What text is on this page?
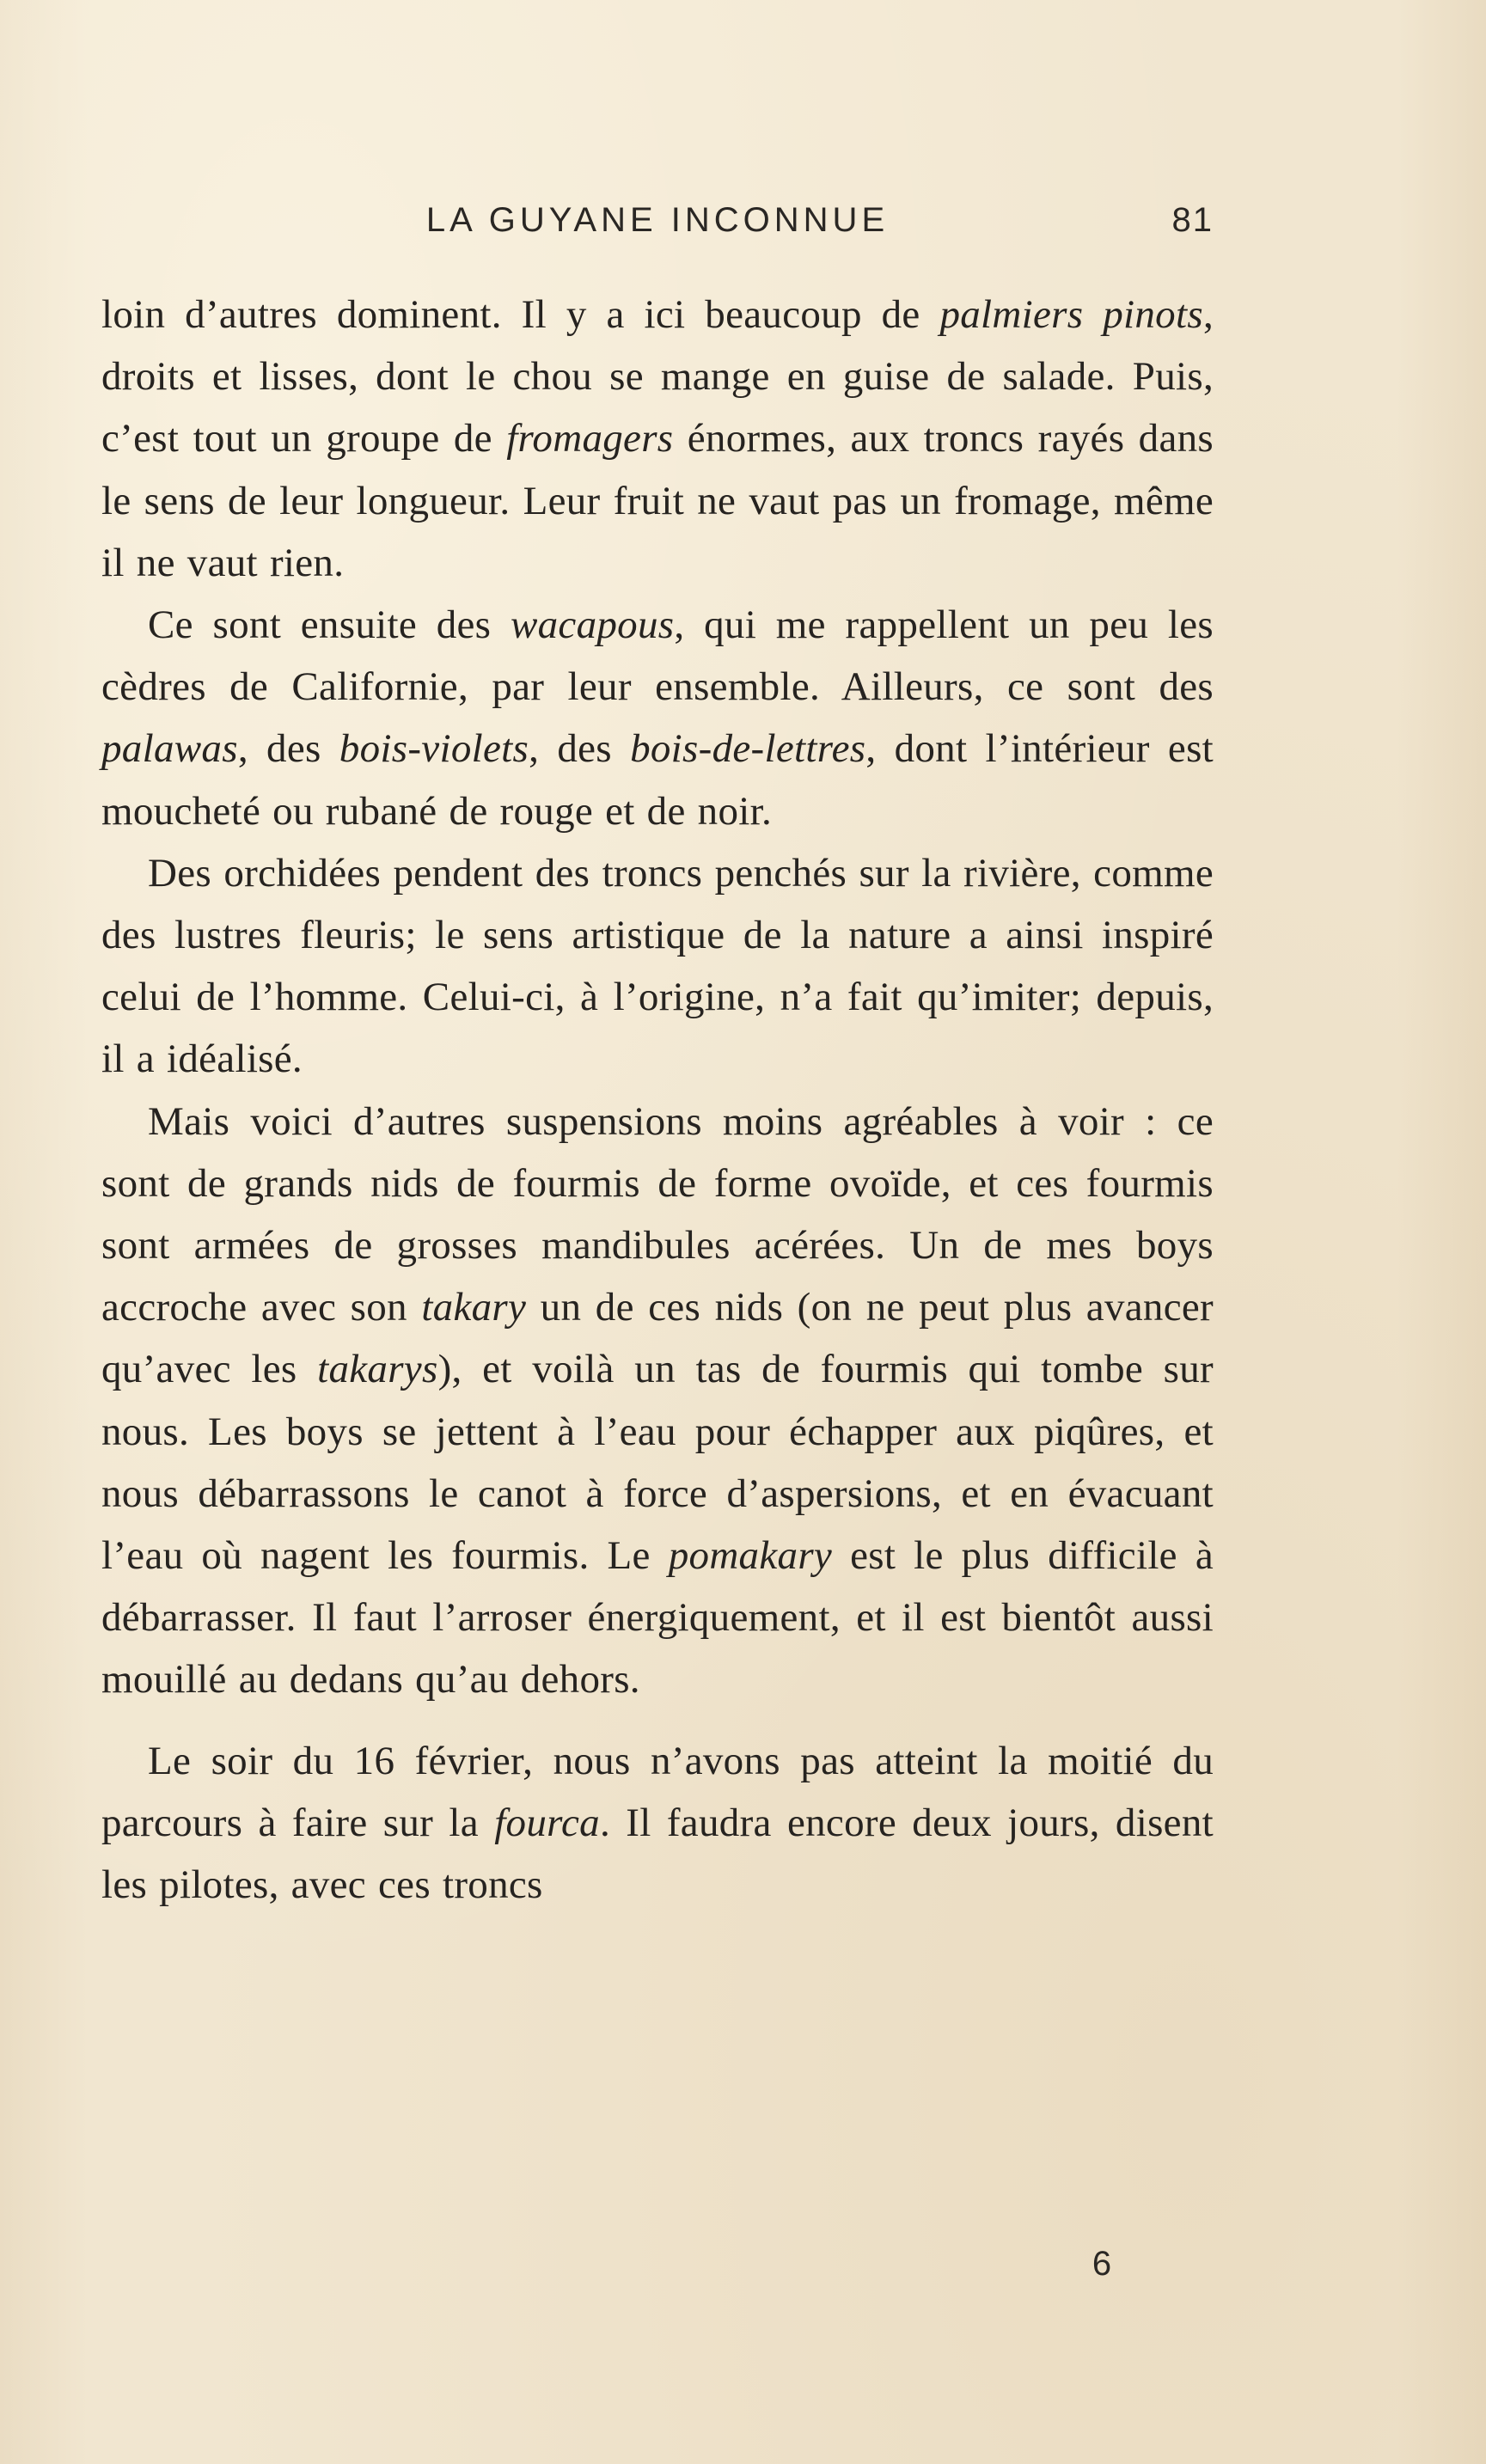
LA GUYANE INCONNUE	81

loin d’autres dominent. Il y a ici beaucoup de palmiers pinots, droits et lisses, dont le chou se mange en guise de salade. Puis, c’est tout un groupe de fromagers énormes, aux troncs rayés dans le sens de leur longueur. Leur fruit ne vaut pas un fromage, même il ne vaut rien.

Ce sont ensuite des wacapous, qui me rappellent un peu les cèdres de Californie, par leur ensemble. Ailleurs, ce sont des palawas, des bois-violets, des bois-de-lettres, dont l’intérieur est moucheté ou rubané de rouge et de noir.

Des orchidées pendent des troncs penchés sur la rivière, comme des lustres fleuris; le sens artistique de la nature a ainsi inspiré celui de l’homme. Celui-ci, à l’origine, n’a fait qu’imiter; depuis, il a idéalisé.

Mais voici d’autres suspensions moins agréables à voir : ce sont de grands nids de fourmis de forme ovoïde, et ces fourmis sont armées de grosses mandibules acérées. Un de mes boys accroche avec son takary un de ces nids (on ne peut plus avancer qu’avec les takarys), et voilà un tas de fourmis qui tombe sur nous. Les boys se jettent à l’eau pour échapper aux piqûres, et nous débarrassons le canot à force d’aspersions, et en évacuant l’eau où nagent les fourmis. Le pomakary est le plus difficile à débarrasser. Il faut l’arroser énergiquement, et il est bientôt aussi mouillé au dedans qu’au dehors.

Le soir du 16 février, nous n’avons pas atteint la moitié du parcours à faire sur la fourca. Il faudra encore deux jours, disent les pilotes, avec ces troncs

6
